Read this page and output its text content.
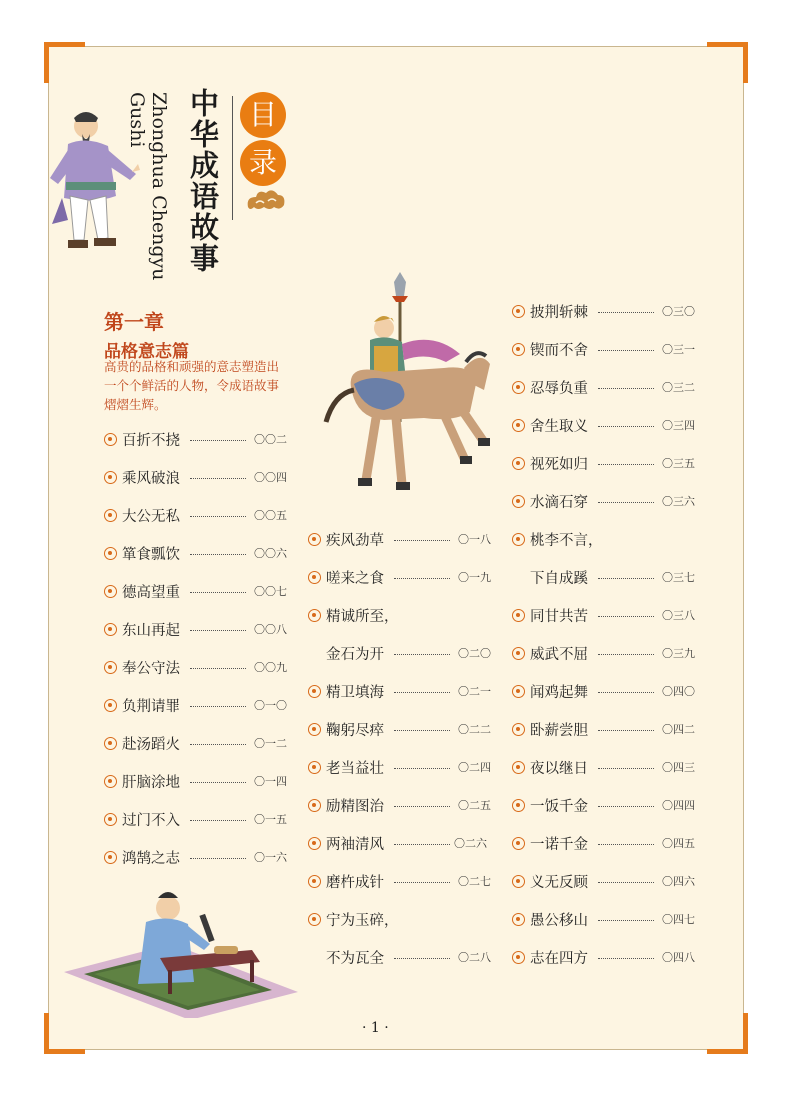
Zhonghua Chengyu
Gushi 中华成语故事	目
录
第一章
品格意志篇
高贵的品格和顽强的意志塑造出一个个鲜活的人物，令成语故事熠熠生辉。
百折不挠	〇〇二
乘风破浪	〇〇四
大公无私	〇〇五
箪食瓢饮	〇〇六
德高望重	〇〇七
东山再起	〇〇八
奉公守法	〇〇九
负荆请罪	〇一〇
赴汤蹈火	〇一二
肝脑涂地	〇一四
过门不入	〇一五
鸿鹄之志	〇一六
疾风劲草	〇一八
嗟来之食	〇一九
精诚所至，
金石为开	〇二〇
精卫填海	〇二一
鞠躬尽瘁	〇二二
老当益壮	〇二四
励精图治	〇二五
两袖清风	〇二六
磨杵成针	〇二七
宁为玉碎，
不为瓦全	〇二八
披荆斩棘	〇三〇
锲而不舍	〇三一
忍辱负重	〇三二
舍生取义	〇三四
视死如归	〇三五
水滴石穿	〇三六
桃李不言，
下自成蹊	〇三七
同甘共苦	〇三八
威武不屈	〇三九
闻鸡起舞	〇四〇
卧薪尝胆	〇四二
夜以继日	〇四三
一饭千金	〇四四
一诺千金	〇四五
义无反顾	〇四六
愚公移山	〇四七
志在四方	〇四八
· 1 ·
